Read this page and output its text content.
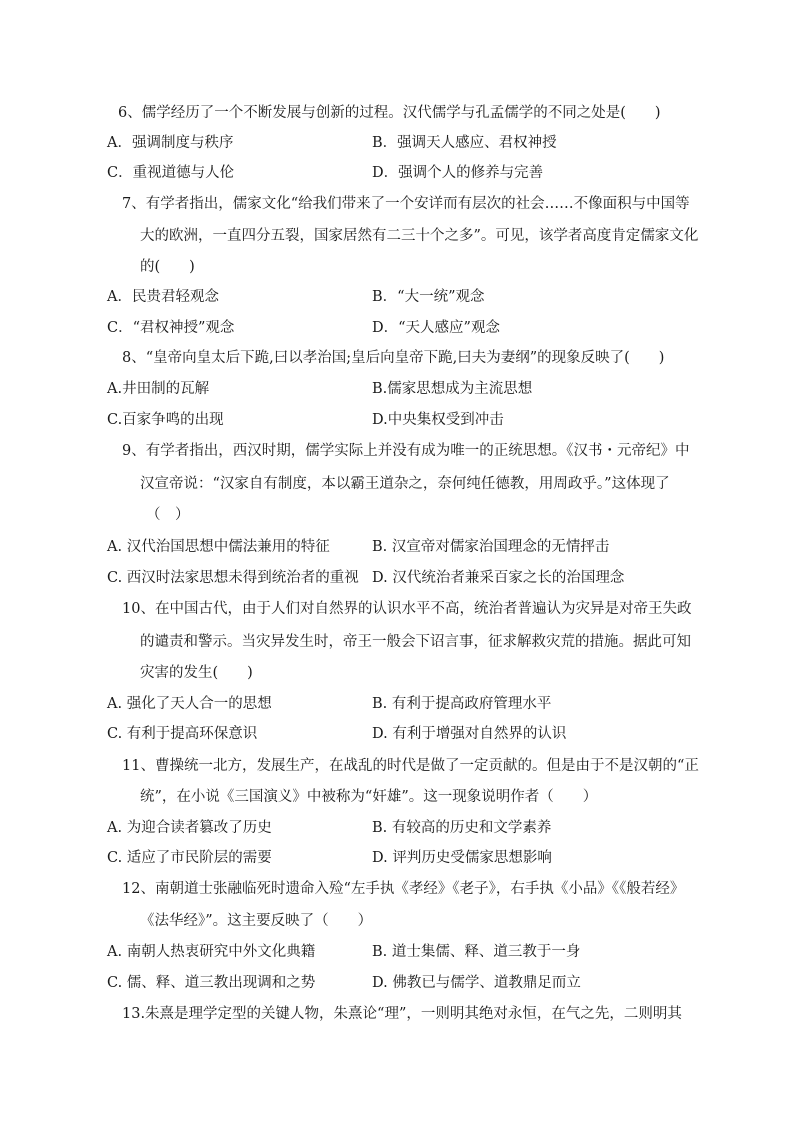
6、儒学经历了一个不断发展与创新的过程。汉代儒学与孔孟儒学的不同之处是(　　)
A．强调制度与秩序	B．强调天人感应、君权神授
C．重视道德与人伦	D．强调个人的修养与完善
7、有学者指出，儒家文化“给我们带来了一个安详而有层次的社会……不像面积与中国等
大的欧洲，一直四分五裂，国家居然有二三十个之多”。可见，该学者高度肯定儒家文化
的(　　)
A．民贵君轻观念	B．“大一统”观念
C．“君权神授”观念	D．“天人感应”观念
8、“皇帝向皇太后下跪,曰以孝治国;皇后向皇帝下跪,曰夫为妻纲”的现象反映了(　　)
A.井田制的瓦解	B.儒家思想成为主流思想
C.百家争鸣的出现	D.中央集权受到冲击
9、有学者指出，西汉时期，儒学实际上并没有成为唯一的正统思想。《汉书・元帝纪》中
汉宣帝说：“汉家自有制度，本以霸王道杂之，奈何纯任德教，用周政乎。”这体现了
（　）
A. 汉代治国思想中儒法兼用的特征	B. 汉宣帝对儒家治国理念的无情抨击
C. 西汉时法家思想未得到统治者的重视 D. 汉代统治者兼采百家之长的治国理念
10、在中国古代，由于人们对自然界的认识水平不高，统治者普遍认为灾异是对帝王失政
的谴责和警示。当灾异发生时，帝王一般会下诏言事，征求解救灾荒的措施。据此可知
灾害的发生(　　)
A. 强化了天人合一的思想	B. 有利于提高政府管理水平
C. 有利于提高环保意识	D. 有利于增强对自然界的认识
11、曹操统一北方，发展生产，在战乱的时代是做了一定贡献的。但是由于不是汉朝的“正
统”，在小说《三国演义》中被称为“奸雄”。这一现象说明作者（　　）
A. 为迎合读者篡改了历史	B. 有较高的历史和文学素养
C. 适应了市民阶层的需要	D. 评判历史受儒家思想影响
12、南朝道士张融临死时遗命入殓“左手执《孝经》《老子》，右手执《小品》《《般若经》
《法华经》”。这主要反映了（　　）
A. 南朝人热衷研究中外文化典籍	B. 道士集儒、释、道三教于一身
C. 儒、释、道三教出现调和之势	D. 佛教已与儒学、道教鼎足而立
13.朱熹是理学定型的关键人物，朱熹论“理”，一则明其绝对永恒，在气之先，二则明其
